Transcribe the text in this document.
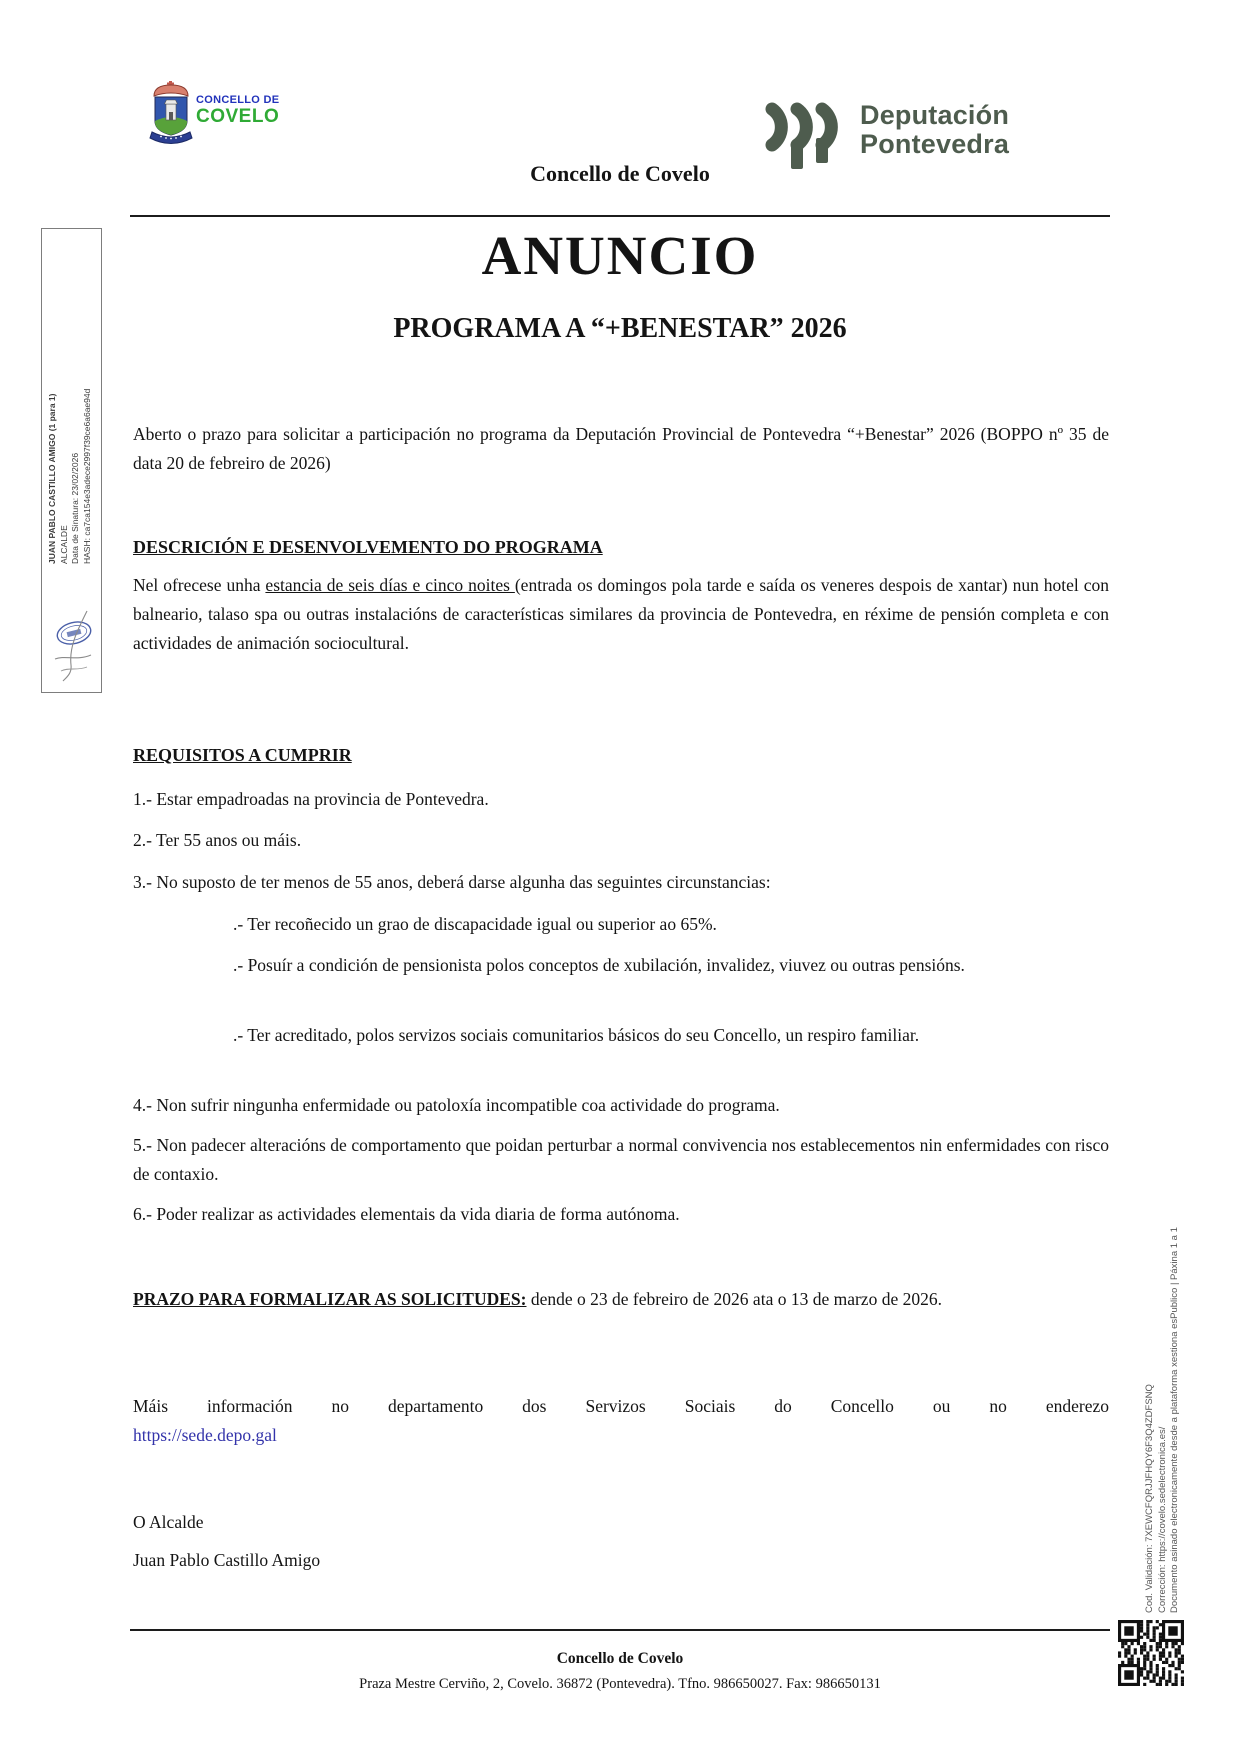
CONCELLO DE
COVELO	Deputación
Pontevedra
Concello de Covelo
JUAN PABLO CASTILLO AMIGO (1 para 1) ALCALDE Data de Sinatura: 23/02/2026 HASH: ca7ca154e3adece2997f39ce6a6ae94d
Cod. Validación: 7XEWCFQRJJFHQY6F3Q4ZDFSNQ Corrección: https://covelo.sedelectronica.es/ Documento asinado electronicamente desde a plataforma xestiona esPublico | Páxina 1 a 1
ANUNCIO
PROGRAMA A “+BENESTAR” 2026
Aberto o prazo para solicitar a participación no programa da Deputación Provincial de Pontevedra “+Benestar” 2026 (BOPPO nº 35 de data 20 de febreiro de 2026)
DESCRICIÓN E DESENVOLVEMENTO DO PROGRAMA
Nel ofrecese unha estancia de seis días e cinco noites (entrada os domingos pola tarde e saída os veneres despois de xantar) nun hotel con balneario, talaso spa ou outras instalacións de características similares da provincia de Pontevedra, en réxime de pensión completa e con actividades de animación sociocultural.
REQUISITOS A CUMPRIR
1.- Estar empadroadas na provincia de Pontevedra.
2.- Ter 55 anos ou máis.
3.- No suposto de ter menos de 55 anos, deberá darse algunha das seguintes circunstancias:
.- Ter recoñecido un grao de discapacidade igual ou superior ao 65%.
.- Posuír a condición de pensionista polos conceptos de xubilación, invalidez, viuvez ou outras pensións.
.- Ter acreditado, polos servizos sociais comunitarios básicos do seu Concello, un respiro familiar.
4.- Non sufrir ningunha enfermidade ou patoloxía incompatible coa actividade do programa.
5.- Non padecer alteracións de comportamento que poidan perturbar a normal convivencia nos establecementos nin enfermidades con risco de contaxio.
6.- Poder realizar as actividades elementais da vida diaria de forma autónoma.
PRAZO PARA FORMALIZAR AS SOLICITUDES: dende o 23 de febreiro de 2026 ata o 13 de marzo de 2026.
Máis información no departamento dos Servizos Sociais do Concello ou no enderezo
https://sede.depo.gal
O Alcalde
Juan Pablo Castillo Amigo
Concello de Covelo
Praza Mestre Cerviño, 2, Covelo. 36872 (Pontevedra). Tfno. 986650027. Fax: 986650131
